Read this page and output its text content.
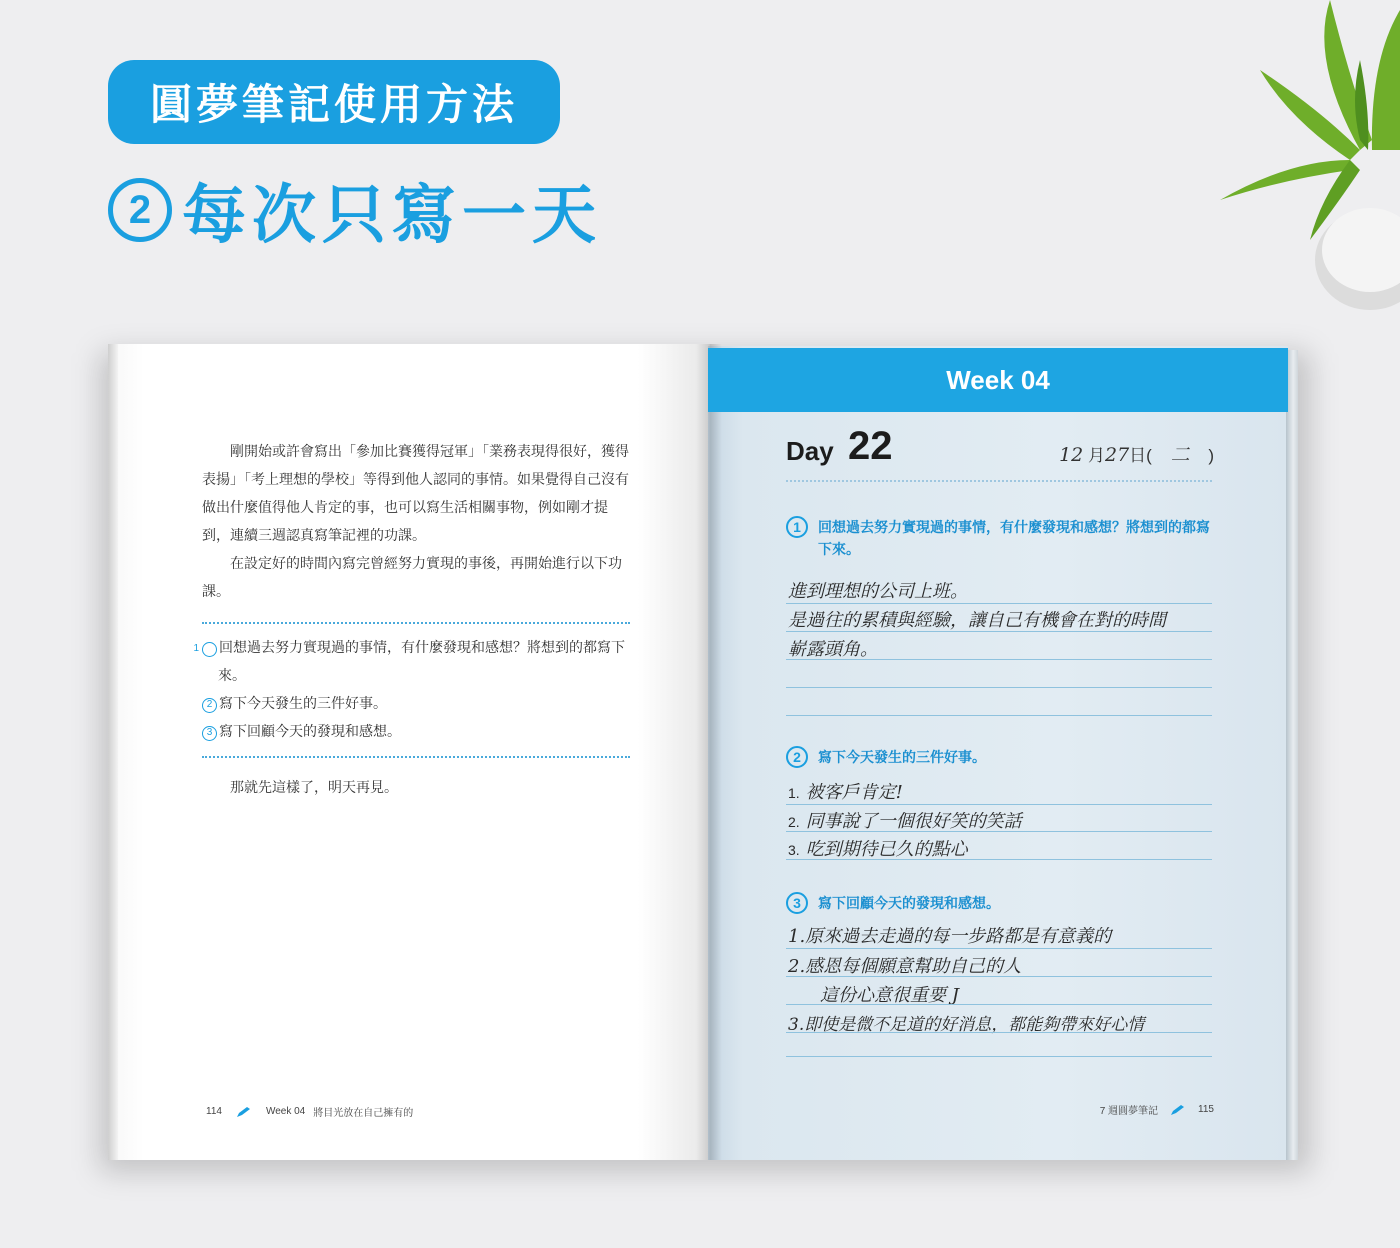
圓夢筆記使用方法
2 每次只寫一天

剛開始或許會寫出「參加比賽獲得冠軍」「業務表現得很好，獲得表揚」「考上理想的學校」等得到他人認同的事情。如果覺得自己沒有做出什麼值得他人肯定的事，也可以寫生活相關事物，例如剛才提到，連續三週認真寫筆記裡的功課。

在設定好的時間內寫完曾經努力實現的事後，再開始進行以下功課。

回想過去努力實現過的事情，有什麼發現和感想？將想到的都寫下來。
2 寫下今天發生的三件好事。
3 寫下回顧今天的發現和感想。
那就先這樣了，明天再見。
114	Week 04 將目光放在自己擁有的
Week 04
Day 22	12 月27日( 二 )
1	回想過去努力實現過的事情，有什麼發現和感想？將想到的都寫下來。
進到理想的公司上班。
是過往的累積與經驗，讓自己有機會在對的時間
嶄露頭角。
2	寫下今天發生的三件好事。
1. 被客戶肯定!
2. 同事說了一個很好笑的笑話
3. 吃到期待已久的點心
3	寫下回顧今天的發現和感想。
1.原來過去走過的每一步路都是有意義的
2.感恩每個願意幫助自己的人
這份心意很重要 J
3.即使是微不足道的好消息，都能夠帶來好心情
7 週圓夢筆記	115
